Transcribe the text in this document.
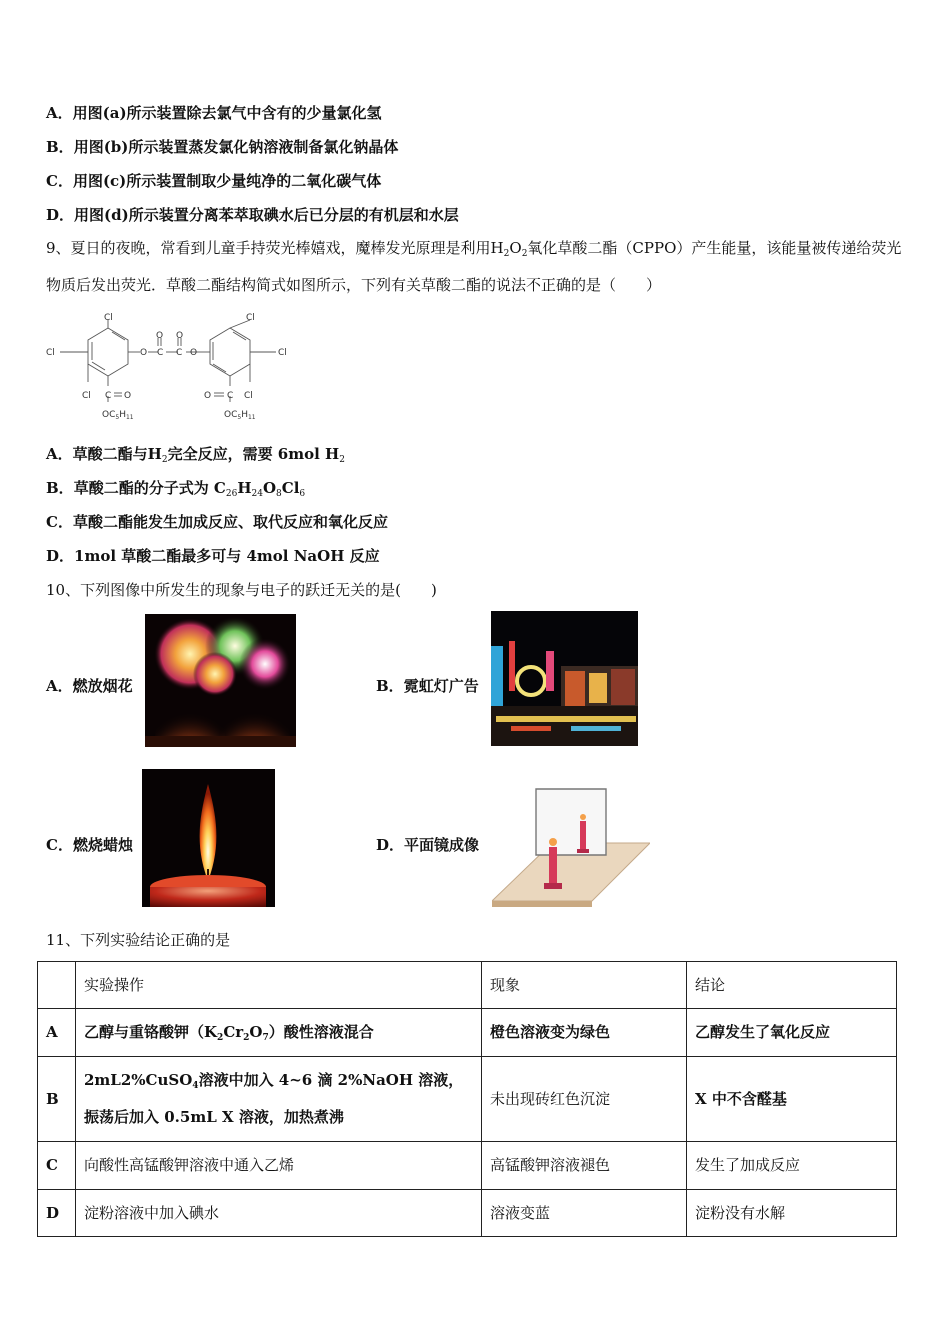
A．用图(a)所示装置除去氯气中含有的少量氯化氢
B．用图(b)所示装置蒸发氯化钠溶液制备氯化钠晶体
C．用图(c)所示装置制取少量纯净的二氧化碳气体
D．用图(d)所示装置分离苯萃取碘水后已分层的有机层和水层
9、夏日的夜晚，常看到儿童手持荧光棒嬉戏，魔棒发光原理是利用$H_2O_2$氧化草酸二酯（CPPO）产生能量，该能量被传递给荧光物质后发出荧光．草酸二酯结构简式如图所示，下列有关草酸二酯的说法不正确的是（　　）
Cl	Cl
Cl	Cl
O	O
O O
C C
Cl C O	O C Cl
$OC_5H_{11}$	$OC_5H_{11}$
A．草酸二酯与$H_2$完全反应，需要 6mol $H_2$
B．草酸二酯的分子式为 $C_{26}H_{24}O_8Cl_6$
C．草酸二酯能发生加成反应、取代反应和氧化反应
D．1mol 草酸二酯最多可与 4mol NaOH 反应
10、下列图像中所发生的现象与电子的跃迁无关的是(　　)
A．燃放烟花	B．霓虹灯广告
C．燃烧蜡烛	D．平面镜成像
11、下列实验结论正确的是
	实验操作	现象	结论
A	乙醇与重铬酸钾$(K_2Cr_2O_7)$酸性溶液混合	橙色溶液变为绿色	乙醇发生了氧化反应
B	2mL2%CuSO$_4$溶液中加入 4~6 滴 2%NaOH 溶液，振荡后加入 0.5mL X 溶液，加热煮沸	未出现砖红色沉淀	X 中不含醛基
C	向酸性高锰酸钾溶液中通入乙烯	高锰酸钾溶液褪色	发生了加成反应
D	淀粉溶液中加入碘水	溶液变蓝	淀粉没有水解
